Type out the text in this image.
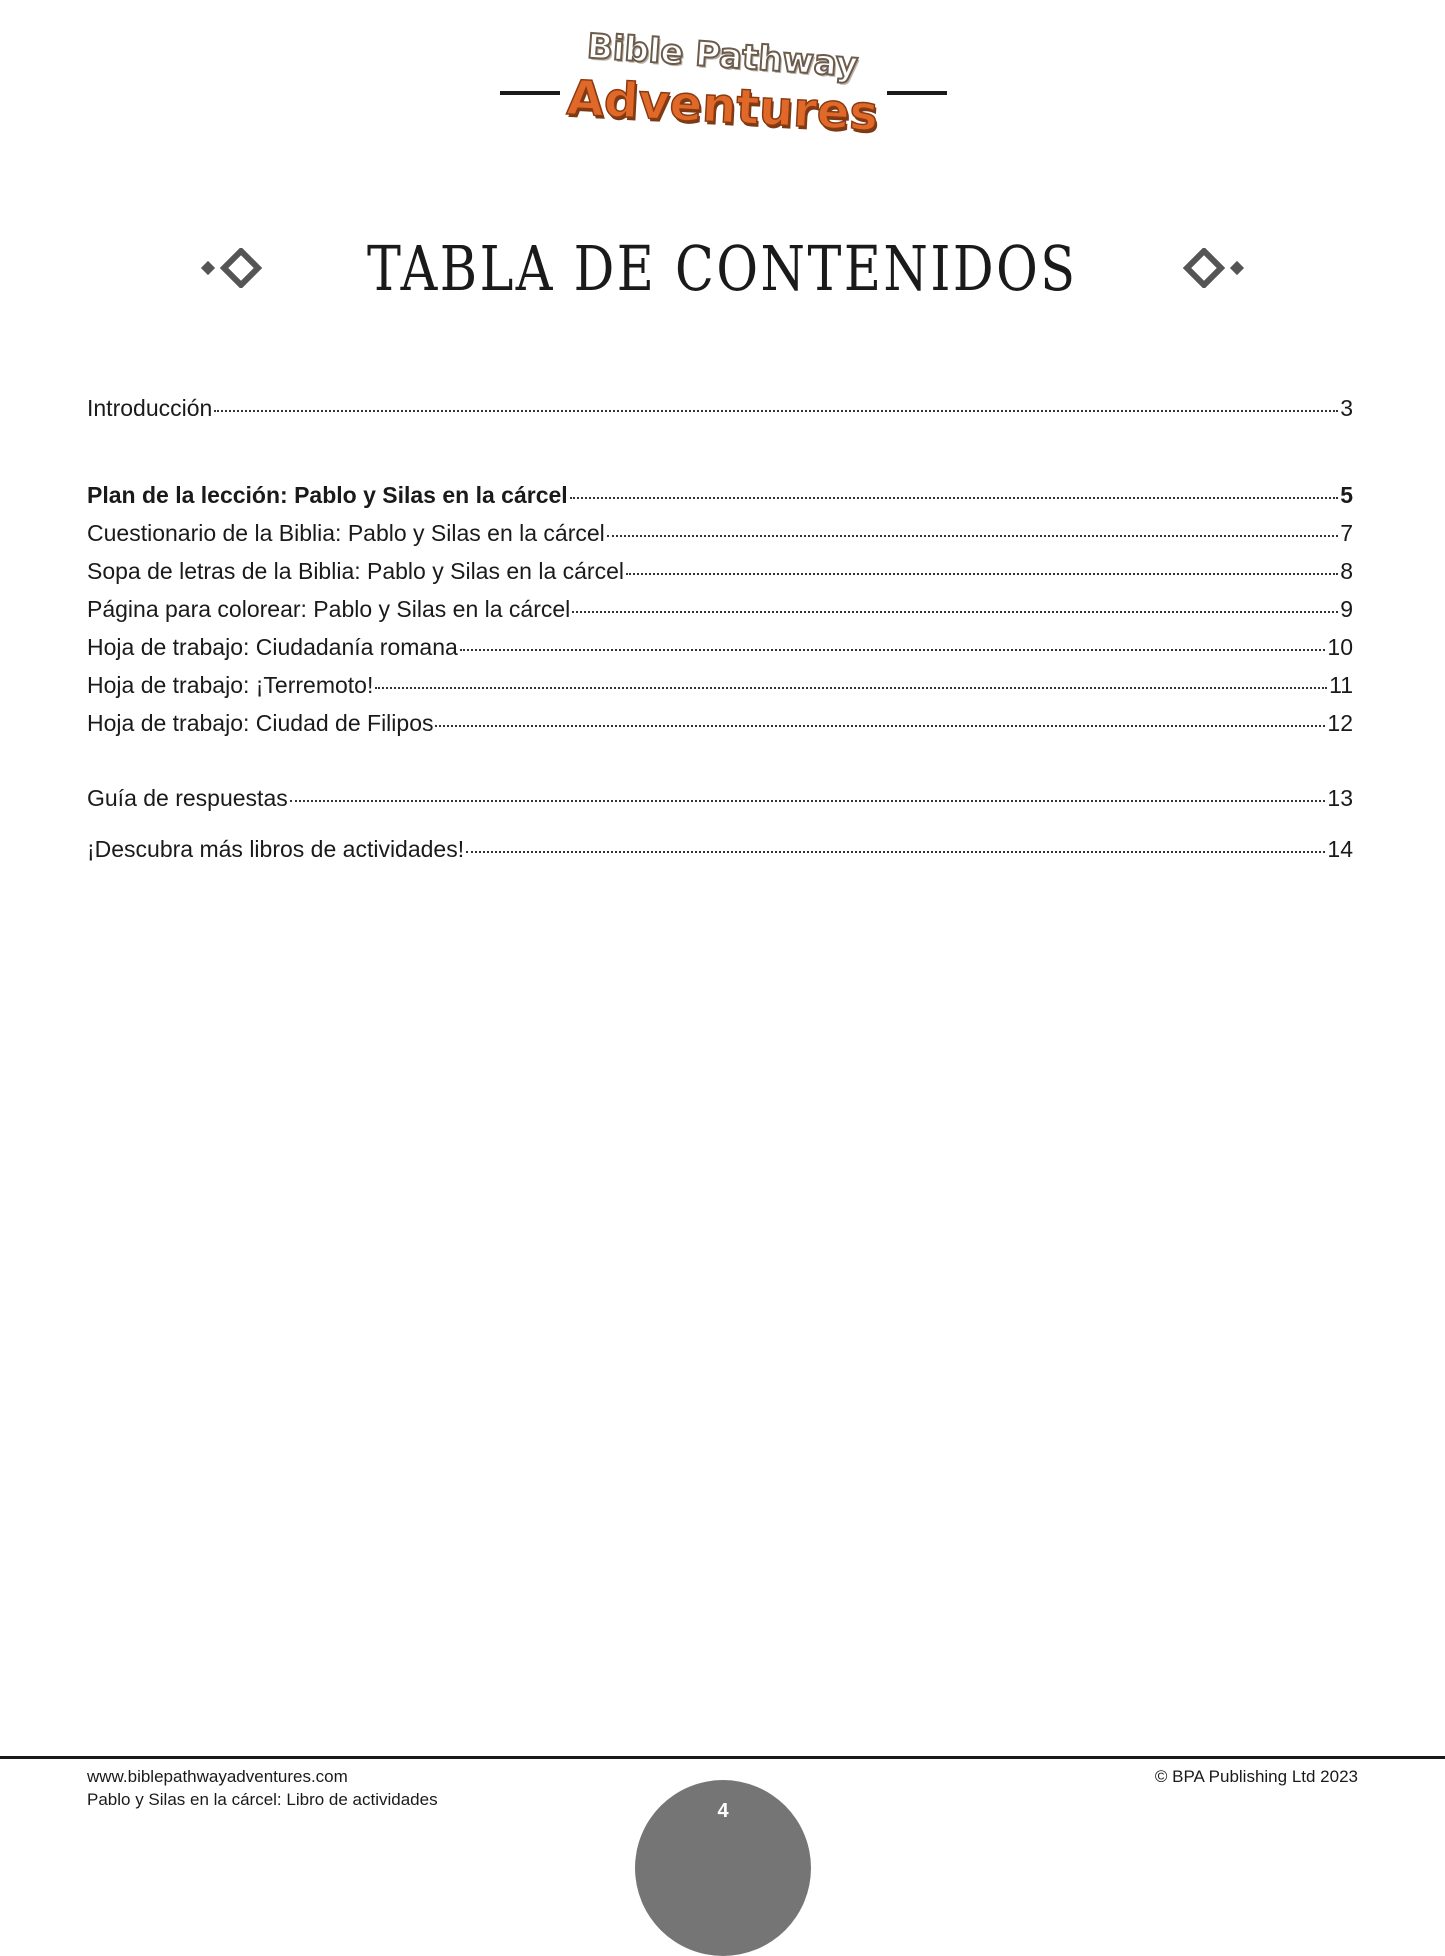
Bible Pathway
Adventures
TABLA DE CONTENIDOS
Introducción	3
Plan de la lección: Pablo y Silas en la cárcel	5
Cuestionario de la Biblia: Pablo y Silas en la cárcel	7
Sopa de letras de la Biblia: Pablo y Silas en la cárcel	8
Página para colorear: Pablo y Silas en la cárcel	9
Hoja de trabajo: Ciudadanía romana	10
Hoja de trabajo: ¡Terremoto!	11
Hoja de trabajo: Ciudad de Filipos	12
Guía de respuestas	13
¡Descubra más libros de actividades!	14
www.biblepathwayadventures.com
Pablo y Silas en la cárcel: Libro de actividades
© BPA Publishing Ltd 2023
4
